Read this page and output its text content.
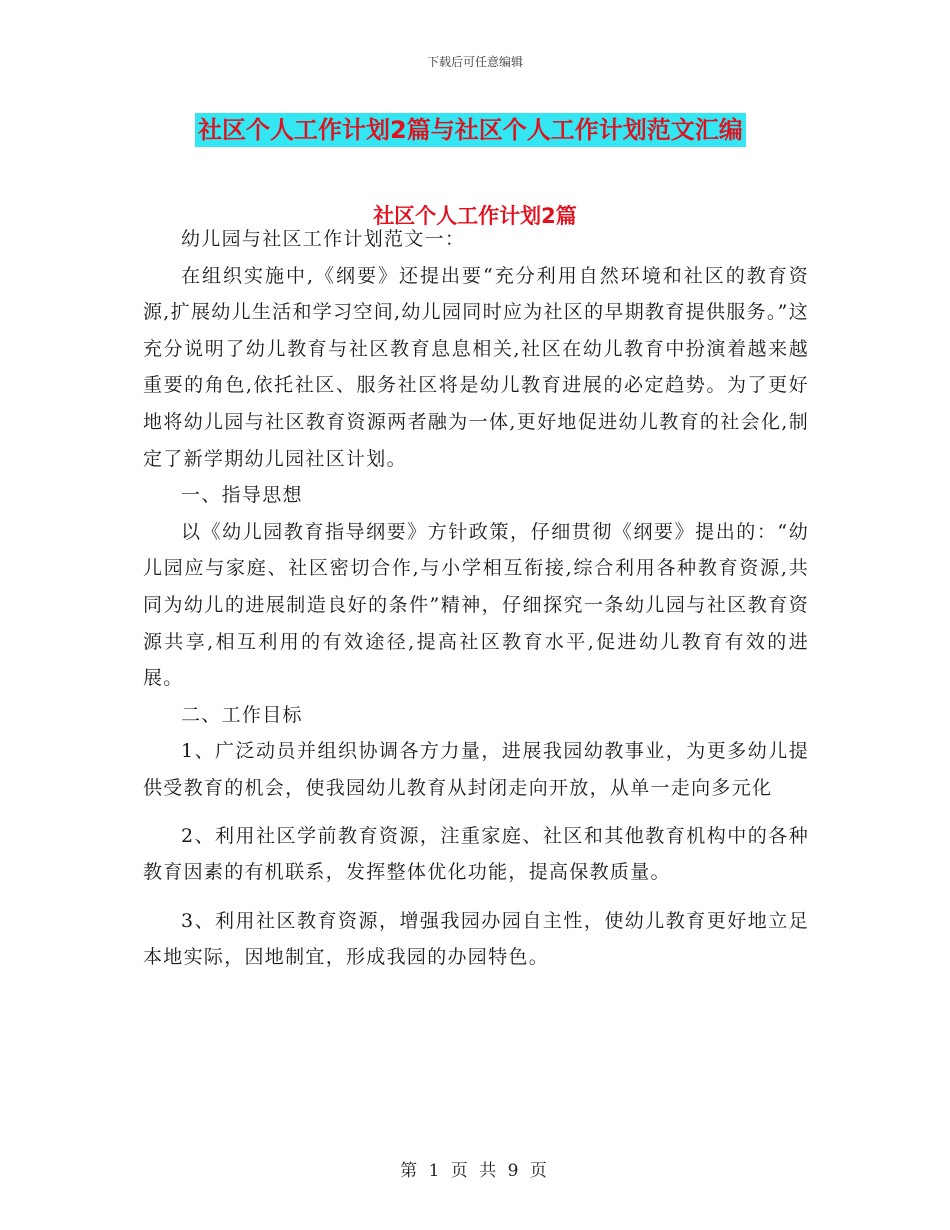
下载后可任意编辑
社区个人工作计划2篇与社区个人工作计划范文汇编
社区个人工作计划2篇

幼儿园与社区工作计划范文一：

在组织实施中,《纲要》还提出要“充分利用自然环境和社区的教育资源,扩展幼儿生活和学习空间,幼儿园同时应为社区的早期教育提供服务。”这充分说明了幼儿教育与社区教育息息相关,社区在幼儿教育中扮演着越来越重要的角色,依托社区、服务社区将是幼儿教育进展的必定趋势。为了更好地将幼儿园与社区教育资源两者融为一体,更好地促进幼儿教育的社会化,制定了新学期幼儿园社区计划。

一、指导思想

以《幼儿园教育指导纲要》方针政策，仔细贯彻《纲要》提出的：“幼儿园应与家庭、社区密切合作,与小学相互衔接,综合利用各种教育资源,共同为幼儿的进展制造良好的条件”精神，仔细探究一条幼儿园与社区教育资源共享,相互利用的有效途径,提高社区教育水平,促进幼儿教育有效的进展。

二、工作目标

1、广泛动员并组织协调各方力量，进展我园幼教事业，为更多幼儿提供受教育的机会，使我园幼儿教育从封闭走向开放，从单一走向多元化

2、利用社区学前教育资源，注重家庭、社区和其他教育机构中的各种教育因素的有机联系，发挥整体优化功能，提高保教质量。

3、利用社区教育资源，增强我园办园自主性，使幼儿教育更好地立足本地实际，因地制宜，形成我园的办园特色。

第 1 页 共 9 页
